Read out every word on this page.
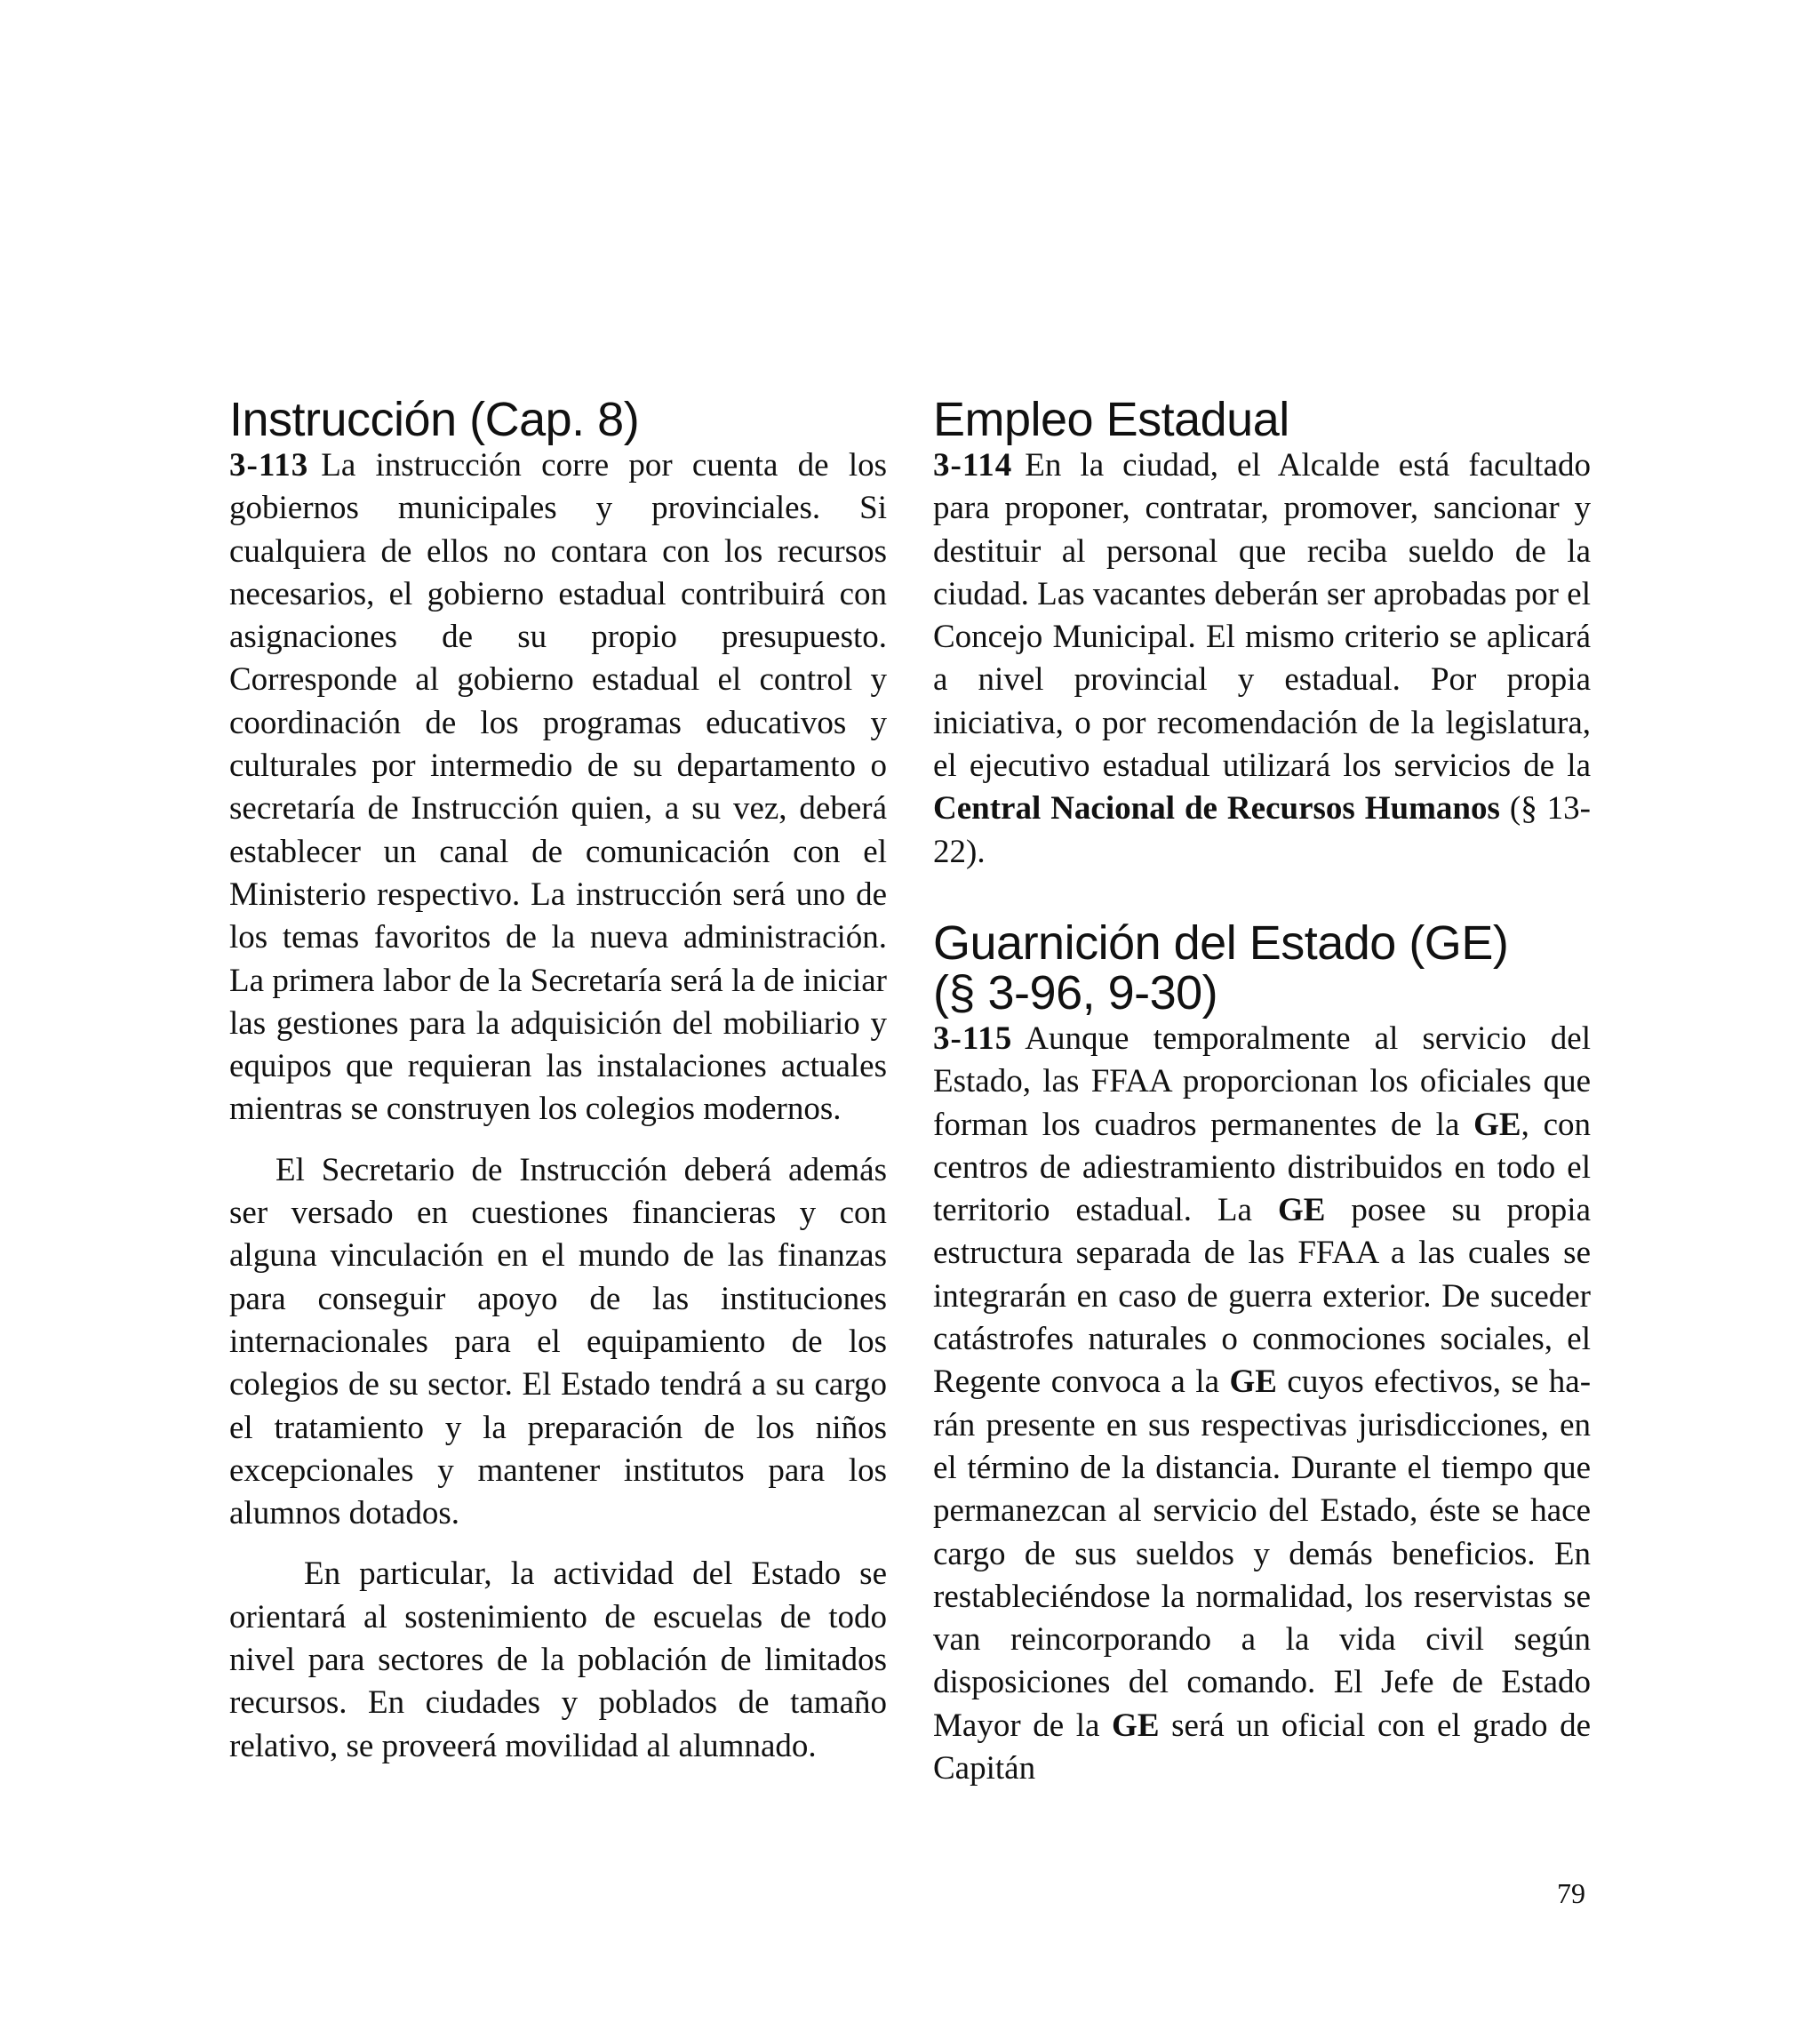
Instrucción (Cap. 8)

3-113 La instrucción corre por cuenta de los gobiernos municipales y provinciales. Si cualquiera de ellos no contara con los recursos necesarios, el gobierno estadual contribuirá con asignaciones de su propio presupuesto. Corresponde al gobierno estadual el control y coordinación de los programas educativos y culturales por intermedio de su departamento o secretaría de Instrucción quien, a su vez, deberá establecer un canal de comunicación con el Ministerio respectivo. La instrucción será uno de los temas favoritos de la nueva administración. La primera labor de la Secretaría será la de iniciar las gestiones para la adquisición del mobiliario y equipos que requieran las instalaciones actuales mientras se construyen los colegios modernos.

El Secretario de Instrucción deberá además ser versado en cuestiones financieras y con alguna vinculación en el mundo de las finanzas para conseguir apoyo de las instituciones internacionales para el equipamiento de los colegios de su sector. El Estado tendrá a su cargo el tratamiento y la preparación de los niños excepcionales y mantener institutos para los alumnos dotados.

En particular, la actividad del Estado se orientará al sostenimiento de escuelas de todo nivel para sectores de la población de limitados recursos. En ciudades y poblados de tamaño relativo, se proveerá movilidad al alumnado.

Empleo Estadual

3-114 En la ciudad, el Alcalde está facultado para proponer, contratar, promover, sancionar y destituir al personal que reciba sueldo de la ciudad. Las vacantes deberán ser aprobadas por el Concejo Municipal. El mismo criterio se aplicará a nivel provincial y estadual. Por propia iniciativa, o por recomendación de la legislatura, el ejecutivo estadual utilizará los servicios de la Central Nacional de Recursos Humanos (§ 13-22).

Guarnición del Estado (GE)
(§ 3-96, 9-30)

3-115 Aunque temporalmente al servicio del Estado, las FFAA proporcionan los oficiales que forman los cuadros permanentes de la GE, con centros de adiestramiento distribuidos en todo el territorio estadual. La GE posee su propia estructura separada de las FFAA a las cuales se integrarán en caso de guerra exterior. De suceder catástrofes naturales o conmociones sociales, el Regente convoca a la GE cuyos efectivos, se harán presente en sus respectivas jurisdicciones, en el término de la distancia. Durante el tiempo que permanezcan al servicio del Estado, éste se hace cargo de sus sueldos y demás beneficios. En restableciéndose la normalidad, los reservistas se van reincorporando a la vida civil según disposiciones del comando. El Jefe de Estado Mayor de la GE será un oficial con el grado de Capitán

79
